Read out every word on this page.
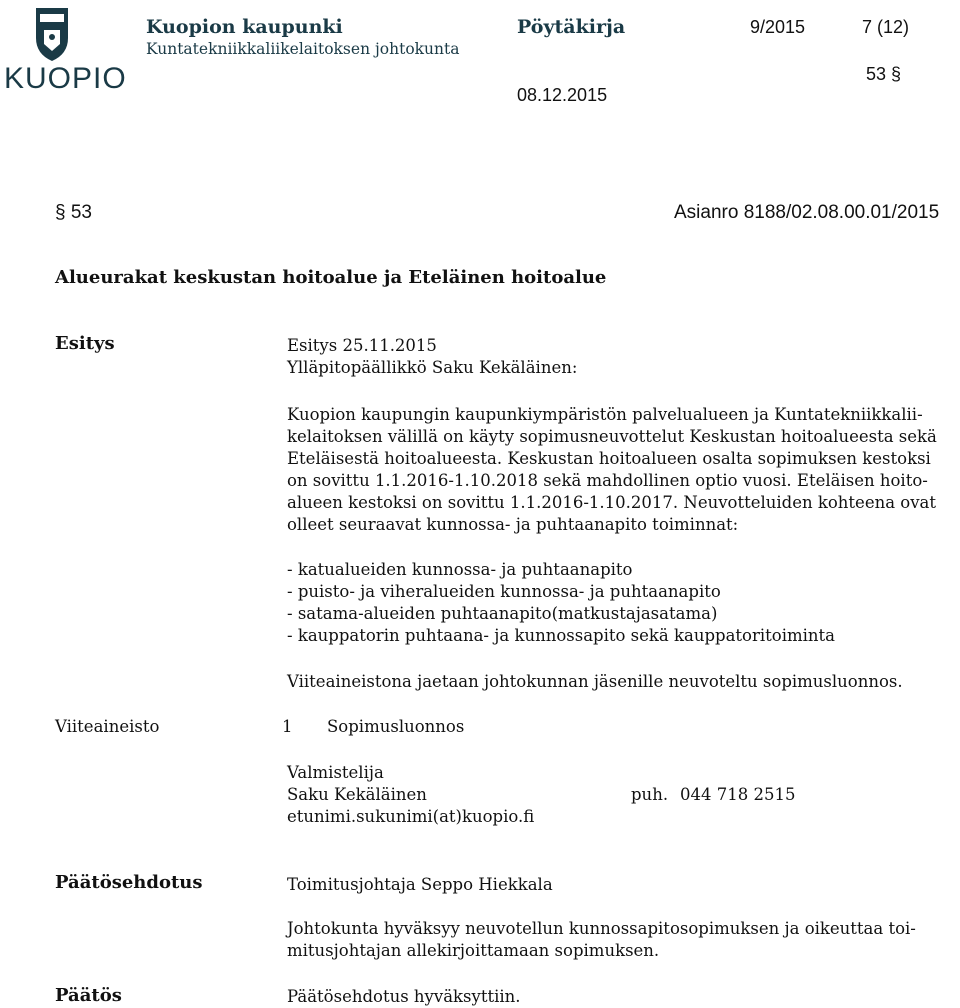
KUOPIO
Kuopion kaupunki
Kuntatekniikkaliikelaitoksen johtokunta
Pöytäkirja	9/2015	7 (12)
53 §
08.12.2015
§ 53	Asianro 8188/02.08.00.01/2015
Alueurakat keskustan hoitoalue ja Eteläinen hoitoalue
Esitys	Esitys 25.11.2015
Ylläpitopäällikkö Saku Kekäläinen:
Kuopion kaupungin kaupunkiympäristön palvelualueen ja Kuntatekniikkalii-
kelaitoksen välillä on käyty sopimusneuvottelut Keskustan hoitoalueesta sekä
Eteläisestä hoitoalueesta. Keskustan hoitoalueen osalta sopimuksen kestoksi
on sovittu 1.1.2016-1.10.2018 sekä mahdollinen optio vuosi. Eteläisen hoito-
alueen kestoksi on sovittu 1.1.2016-1.10.2017. Neuvotteluiden kohteena ovat
olleet seuraavat kunnossa- ja puhtaanapito toiminnat:
- katualueiden kunnossa- ja puhtaanapito
- puisto- ja viheralueiden kunnossa- ja puhtaanapito
- satama-alueiden puhtaanapito(matkustajasatama)
- kauppatorin puhtaana- ja kunnossapito sekä kauppatoritoiminta
Viiteaineistona jaetaan johtokunnan jäsenille neuvoteltu sopimusluonnos.
Viiteaineisto	1 Sopimusluonnos
Valmistelija
Saku Kekäläinen	puh. 044 718 2515
etunimi.sukunimi(at)kuopio.fi
Päätösehdotus	Toimitusjohtaja Seppo Hiekkala
Johtokunta hyväksyy neuvotellun kunnossapitosopimuksen ja oikeuttaa toi-
mitusjohtajan allekirjoittamaan sopimuksen.
Päätös	Päätösehdotus hyväksyttiin.
